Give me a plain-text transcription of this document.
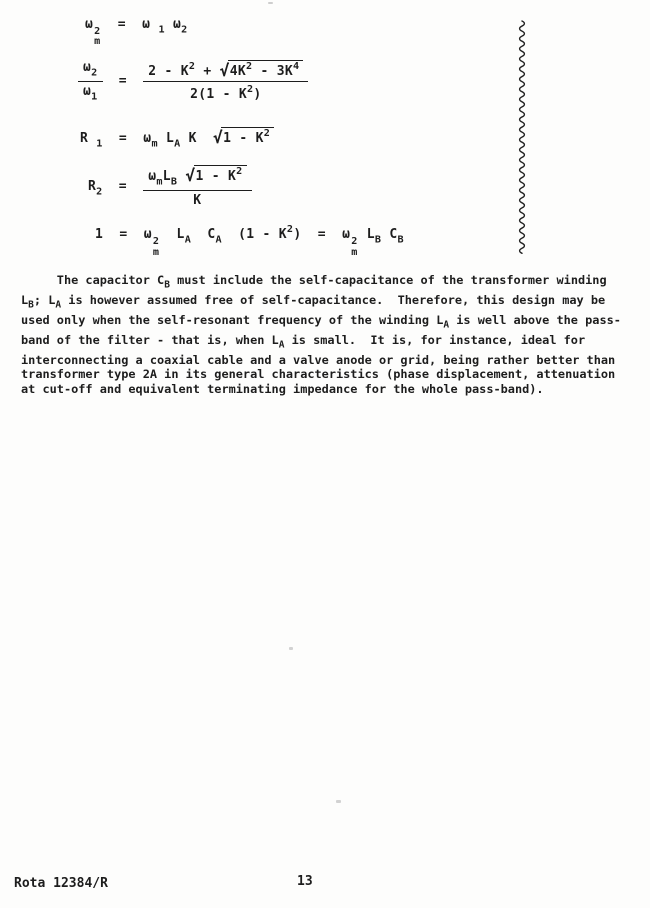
ω 2
m
=  ω $_1$ $\omega_2$
$\frac{\omega_2}{\omega_1} = \frac{2 - K^2 + √4K^2 - 3K^4}{2(1 - K^2)}$
R $_1 = \omega_m$ $L_A$ K  $√1 - K^2$
$R_2 = \frac{\omega_mL_B √1 - K^2}{K}$
1  =  ω 2
m
$L_A$  $C_A$  $(1 - K^2) = \omega$ 2
m
$L_B$ $C_B$
The capacitor $C_B$ must include the self-capacitance of the transformer winding
$L_B$; $L_A$ is however assumed free of self-capacitance.  Therefore, this design may be
used only when the self-resonant frequency of the winding $L_A$ is well above the pass-
band of the filter - that is, when $L_A$ is small.  It is, for instance, ideal for
interconnecting a coaxial cable and a valve anode or grid, being rather better than
transformer type 2A in its general characteristics (phase displacement, attenuation
at cut-off and equivalent terminating impedance for the whole pass-band).
Rota 12384/R	13
